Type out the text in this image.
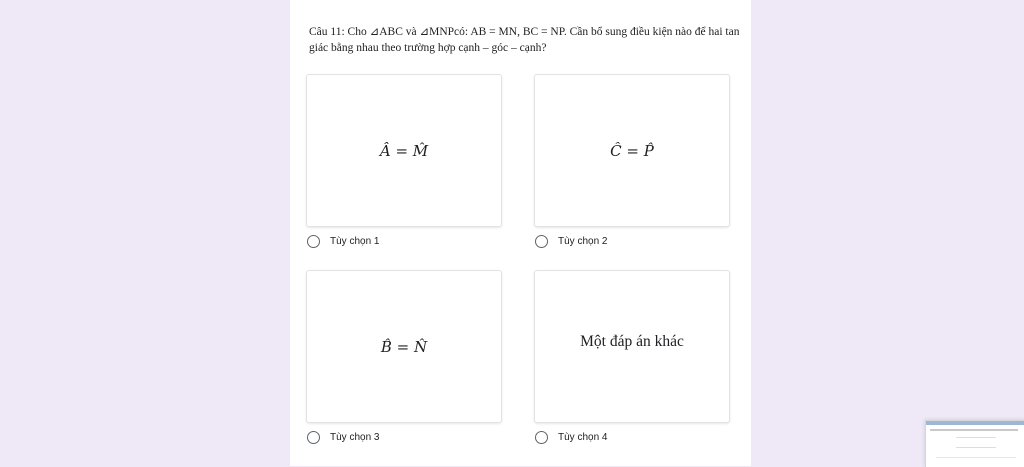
Câu 11: Cho ⊿ABC và ⊿MNPcó: AB = MN, BC = NP. Cần bổ sung điều kiện nào để hai tan
giác bằng nhau theo trường hợp cạnh – góc – cạnh?
Â = M̂
Tùy chọn 1
Ĉ = P̂
Tùy chọn 2
B̂ = N̂
Tùy chọn 3
Một đáp án khác
Tùy chọn 4
